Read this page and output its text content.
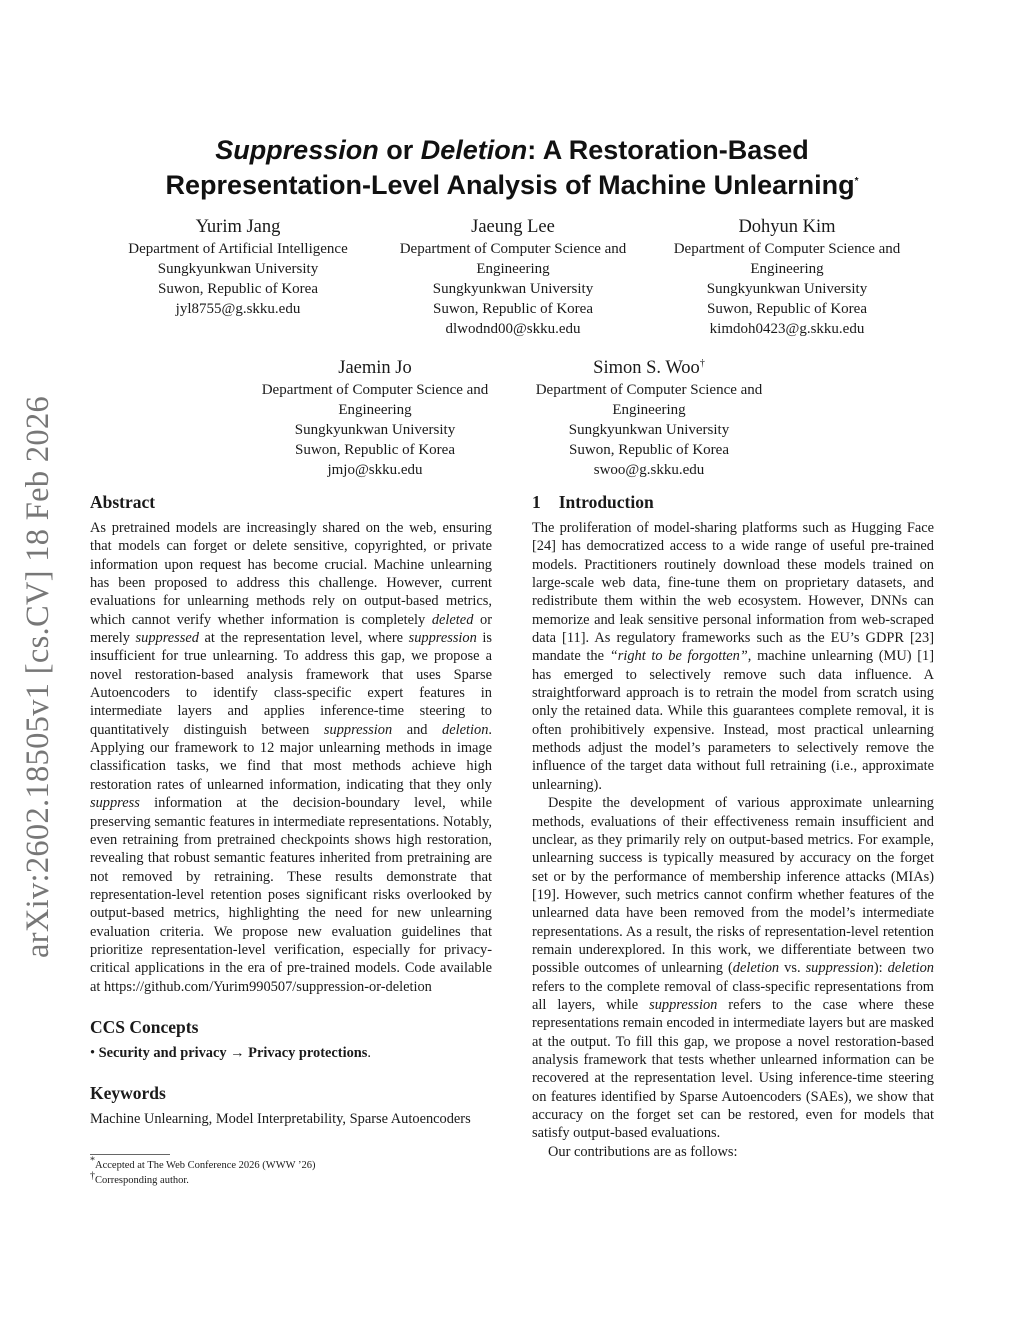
arXiv:2602.18505v1 [cs.CV] 18 Feb 2026
Suppression or Deletion: A Restoration-Based
Representation-Level Analysis of Machine Unlearning*
Yurim Jang
Department of Artificial Intelligence
Sungkyunkwan University
Suwon, Republic of Korea
jyl8755@g.skku.edu
Jaeung Lee
Department of Computer Science and
Engineering
Sungkyunkwan University
Suwon, Republic of Korea
dlwodnd00@skku.edu
Dohyun Kim
Department of Computer Science and
Engineering
Sungkyunkwan University
Suwon, Republic of Korea
kimdoh0423@g.skku.edu
Jaemin Jo
Department of Computer Science and
Engineering
Sungkyunkwan University
Suwon, Republic of Korea
jmjo@skku.edu
Simon S. Woo†
Department of Computer Science and
Engineering
Sungkyunkwan University
Suwon, Republic of Korea
swoo@g.skku.edu
Abstract

As pretrained models are increasingly shared on the web, ensuring that models can forget or delete sensitive, copyrighted, or private information upon request has become crucial. Machine unlearning has been proposed to address this challenge. However, current evaluations for unlearning methods rely on output-based metrics, which cannot verify whether information is completely deleted or merely suppressed at the representation level, where suppression is insufficient for true unlearning. To address this gap, we propose a novel restoration-based analysis framework that uses Sparse Autoencoders to identify class-specific expert features in intermediate layers and applies inference-time steering to quantitatively distinguish between suppression and deletion. Applying our framework to 12 major unlearning methods in image classification tasks, we find that most methods achieve high restoration rates of unlearned information, indicating that they only suppress information at the decision-boundary level, while preserving semantic features in intermediate representations. Notably, even retraining from pretrained checkpoints shows high restoration, revealing that robust semantic features inherited from pretraining are not removed by retraining. These results demonstrate that representation-level retention poses significant risks overlooked by output-based metrics, highlighting the need for new unlearning evaluation criteria. We propose new evaluation guidelines that prioritize representation-level verification, especially for privacy-critical applications in the era of pre-trained models. Code available at https://github.com/Yurim990507/suppression-or-deletion

CCS Concepts

• Security and privacy → Privacy protections.

Keywords

Machine Unlearning, Model Interpretability, Sparse Autoencoders

*Accepted at The Web Conference 2026 (WWW ’26)
†Corresponding author.
1 Introduction

The proliferation of model-sharing platforms such as Hugging Face [24] has democratized access to a wide range of useful pre-trained models. Practitioners routinely download these models trained on large-scale web data, fine-tune them on proprietary datasets, and redistribute them within the web ecosystem. However, DNNs can memorize and leak sensitive personal information from web-scraped data [11]. As regulatory frameworks such as the EU’s GDPR [23] mandate the “right to be forgotten”, machine unlearning (MU) [1] has emerged to selectively remove such data influence. A straightforward approach is to retrain the model from scratch using only the retained data. While this guarantees complete removal, it is often prohibitively expensive. Instead, most practical unlearning methods adjust the model’s parameters to selectively remove the influence of the target data without full retraining (i.e., approximate unlearning).

Despite the development of various approximate unlearning methods, evaluations of their effectiveness remain insufficient and unclear, as they primarily rely on output-based metrics. For example, unlearning success is typically measured by accuracy on the forget set or by the performance of membership inference attacks (MIAs) [19]. However, such metrics cannot confirm whether features of the unlearned data have been removed from the model’s intermediate representations. As a result, the risks of representation-level retention remain underexplored. In this work, we differentiate between two possible outcomes of unlearning (deletion vs. suppression): deletion refers to the complete removal of class-specific representations from all layers, while suppression refers to the case where these representations remain encoded in intermediate layers but are masked at the output. To fill this gap, we propose a novel restoration-based analysis framework that tests whether unlearned information can be recovered at the representation level. Using inference-time steering on features identified by Sparse Autoencoders (SAEs), we show that accuracy on the forget set can be restored, even for models that satisfy output-based evaluations.

Our contributions are as follows:
